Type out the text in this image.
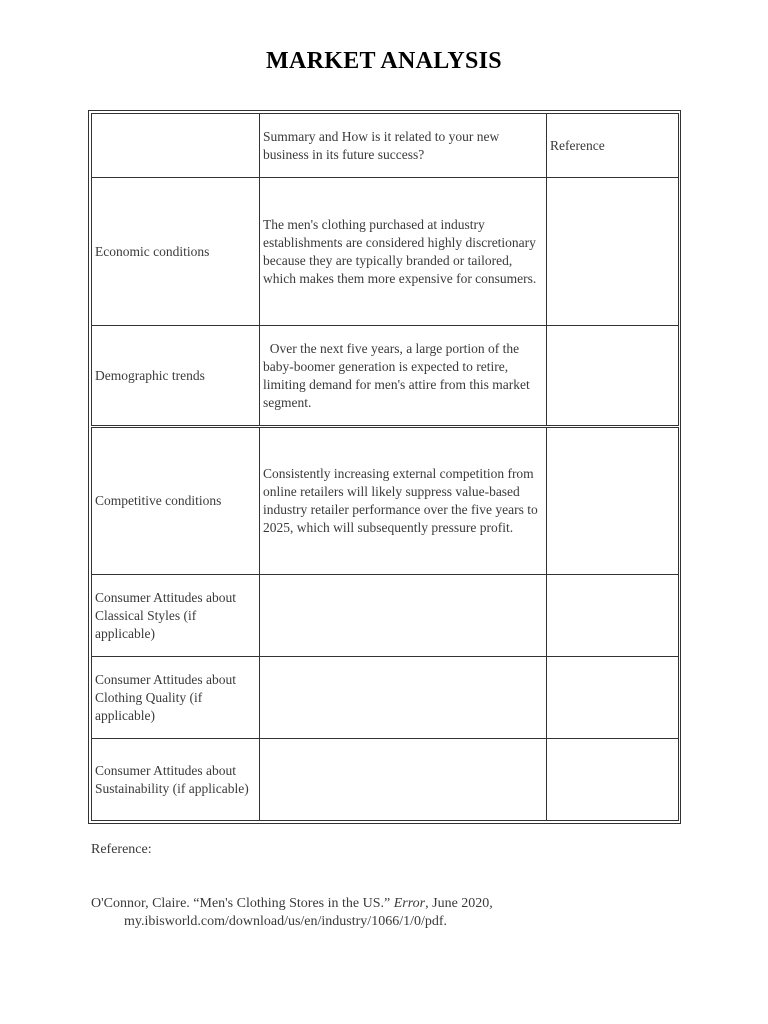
MARKET ANALYSIS
	Summary and How is it related to your new business in its future success?	Reference
Economic conditions	The men's clothing purchased at industry establishments are considered highly discretionary because they are typically branded or tailored, which makes them more expensive for consumers.	
Demographic trends	Over the next five years, a large portion of the baby-boomer generation is expected to retire, limiting demand for men's attire from this market segment.	
Competitive conditions	Consistently increasing external competition from online retailers will likely suppress value-based industry retailer performance over the five years to 2025, which will subsequently pressure profit.	
Consumer Attitudes about Classical Styles (if applicable)		
Consumer Attitudes about Clothing Quality (if applicable)		
Consumer Attitudes about Sustainability (if applicable)		
Reference:
O'Connor, Claire. “Men's Clothing Stores in the US.” Error, June 2020, my.ibisworld.com/download/us/en/industry/1066/1/0/pdf.
